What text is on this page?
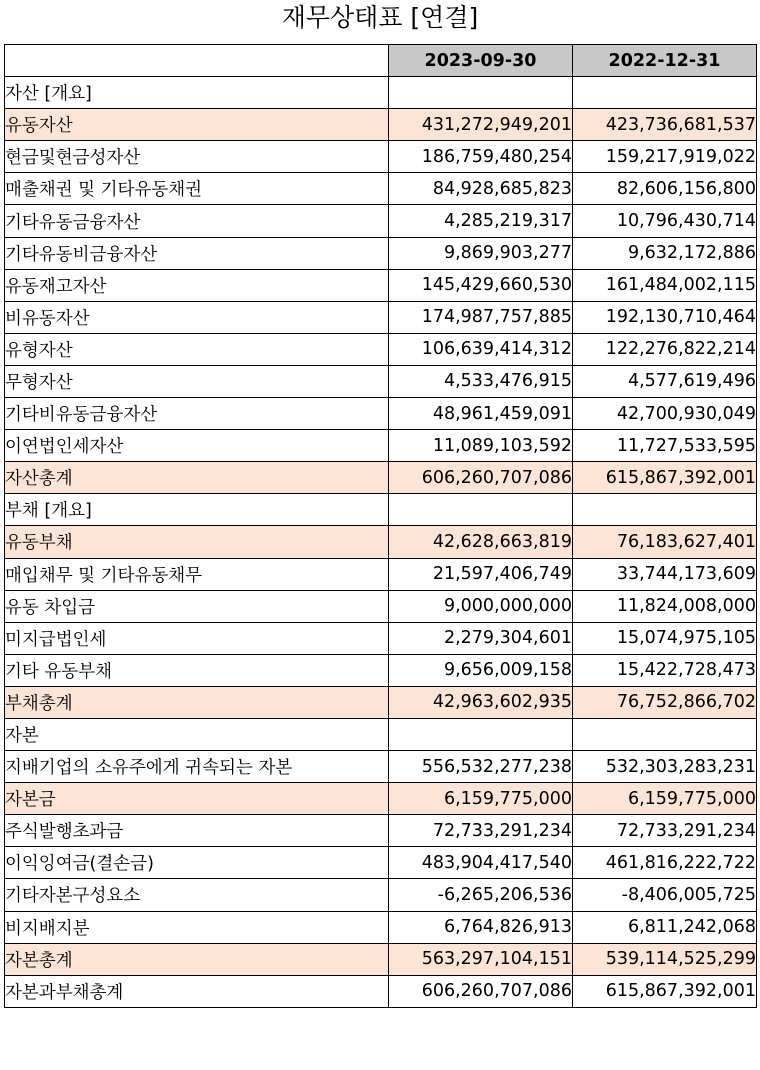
재무상태표 [연결]
	2023-09-30	2022-12-31
자산 [개요]		
유동자산	431,272,949,201	423,736,681,537
현금및현금성자산	186,759,480,254	159,217,919,022
매출채권 및 기타유동채권	84,928,685,823	82,606,156,800
기타유동금융자산	4,285,219,317	10,796,430,714
기타유동비금융자산	9,869,903,277	9,632,172,886
유동재고자산	145,429,660,530	161,484,002,115
비유동자산	174,987,757,885	192,130,710,464
유형자산	106,639,414,312	122,276,822,214
무형자산	4,533,476,915	4,577,619,496
기타비유동금융자산	48,961,459,091	42,700,930,049
이연법인세자산	11,089,103,592	11,727,533,595
자산총계	606,260,707,086	615,867,392,001
부채 [개요]		
유동부채	42,628,663,819	76,183,627,401
매입채무 및 기타유동채무	21,597,406,749	33,744,173,609
유동 차입금	9,000,000,000	11,824,008,000
미지급법인세	2,279,304,601	15,074,975,105
기타 유동부채	9,656,009,158	15,422,728,473
부채총계	42,963,602,935	76,752,866,702
자본		
지배기업의 소유주에게 귀속되는 자본	556,532,277,238	532,303,283,231
자본금	6,159,775,000	6,159,775,000
주식발행초과금	72,733,291,234	72,733,291,234
이익잉여금(결손금)	483,904,417,540	461,816,222,722
기타자본구성요소	-6,265,206,536	-8,406,005,725
비지배지분	6,764,826,913	6,811,242,068
자본총계	563,297,104,151	539,114,525,299
자본과부채총계	606,260,707,086	615,867,392,001
